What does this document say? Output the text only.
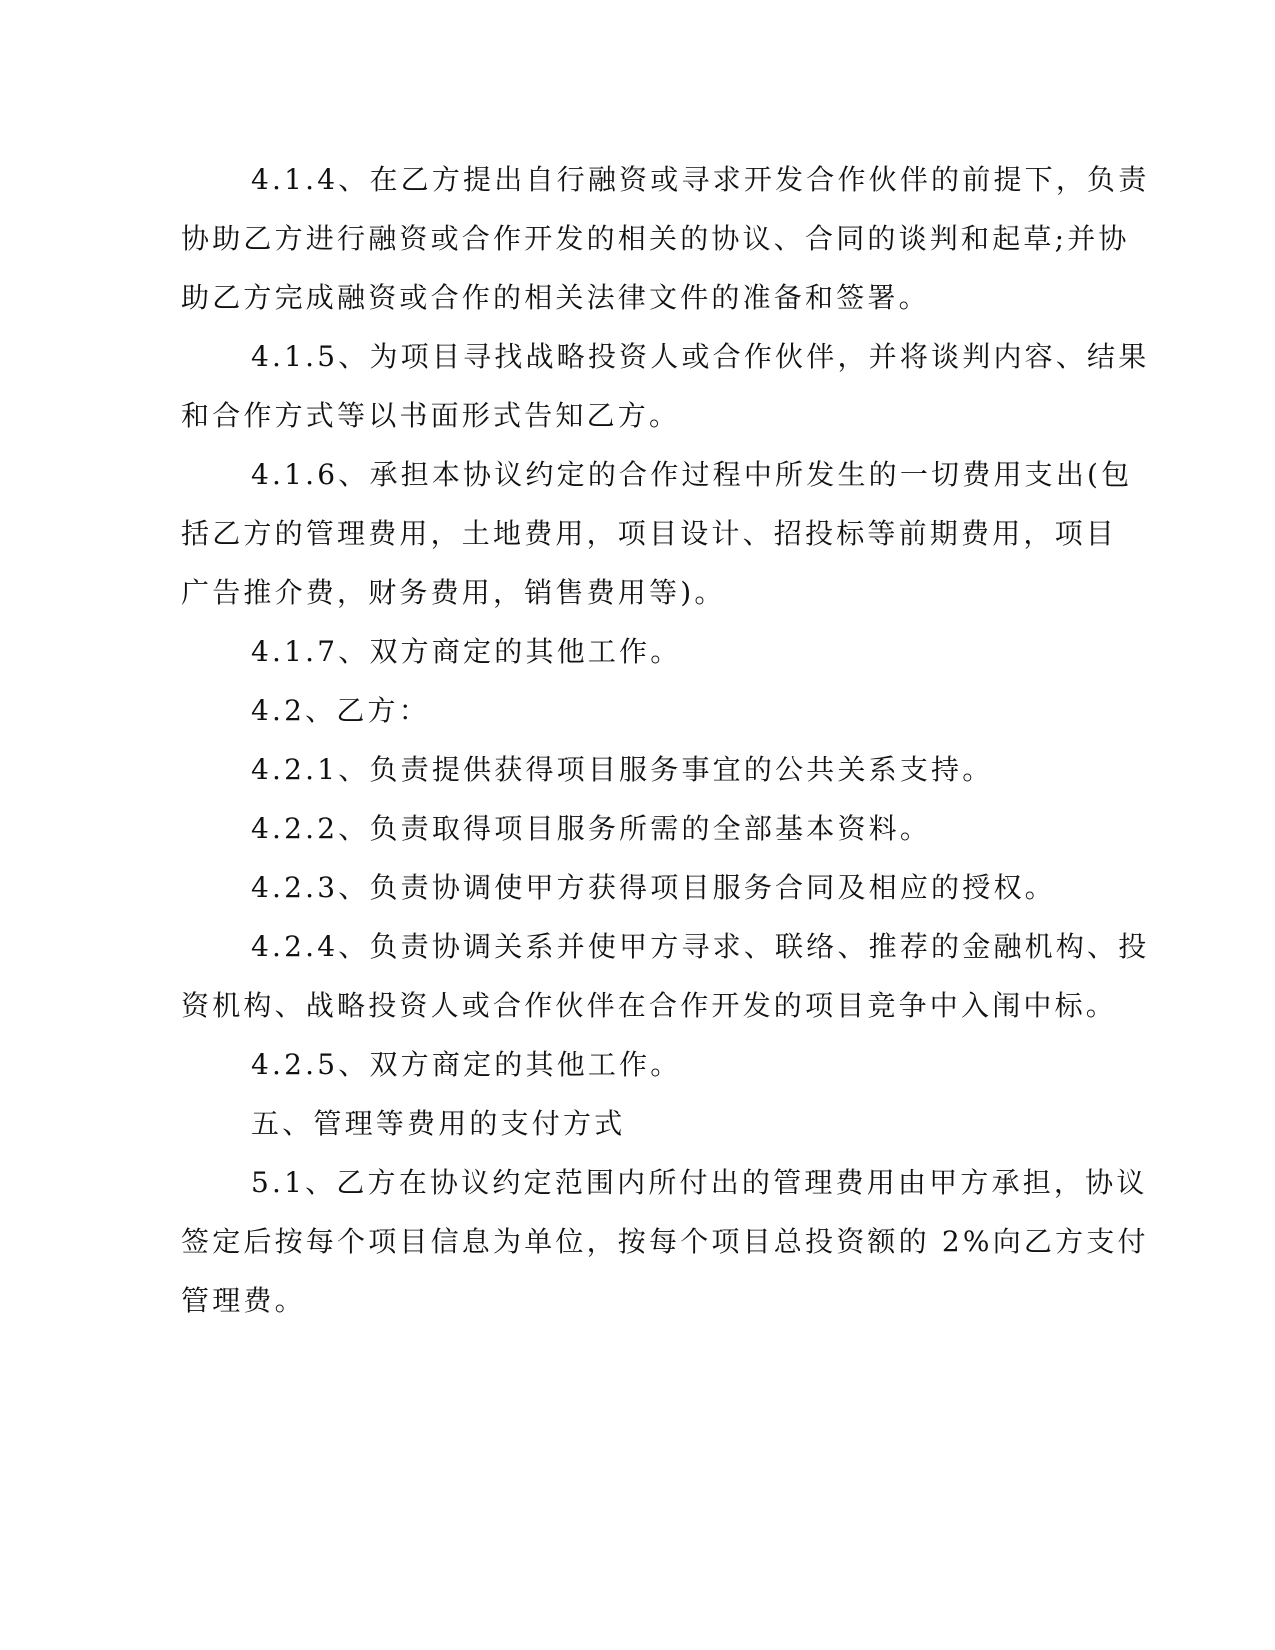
4.1.4、在乙方提出自行融资或寻求开发合作伙伴的前提下，负责
协助乙方进行融资或合作开发的相关的协议、合同的谈判和起草;并协
助乙方完成融资或合作的相关法律文件的准备和签署。
4.1.5、为项目寻找战略投资人或合作伙伴，并将谈判内容、结果
和合作方式等以书面形式告知乙方。
4.1.6、承担本协议约定的合作过程中所发生的一切费用支出(包
括乙方的管理费用，土地费用，项目设计、招投标等前期费用，项目
广告推介费，财务费用，销售费用等)。
4.1.7、双方商定的其他工作。
4.2、乙方：
4.2.1、负责提供获得项目服务事宜的公共关系支持。
4.2.2、负责取得项目服务所需的全部基本资料。
4.2.3、负责协调使甲方获得项目服务合同及相应的授权。
4.2.4、负责协调关系并使甲方寻求、联络、推荐的金融机构、投
资机构、战略投资人或合作伙伴在合作开发的项目竞争中入闱中标。
4.2.5、双方商定的其他工作。
五、管理等费用的支付方式
5.1、乙方在协议约定范围内所付出的管理费用由甲方承担，协议
签定后按每个项目信息为单位，按每个项目总投资额的 2%向乙方支付
管理费。
